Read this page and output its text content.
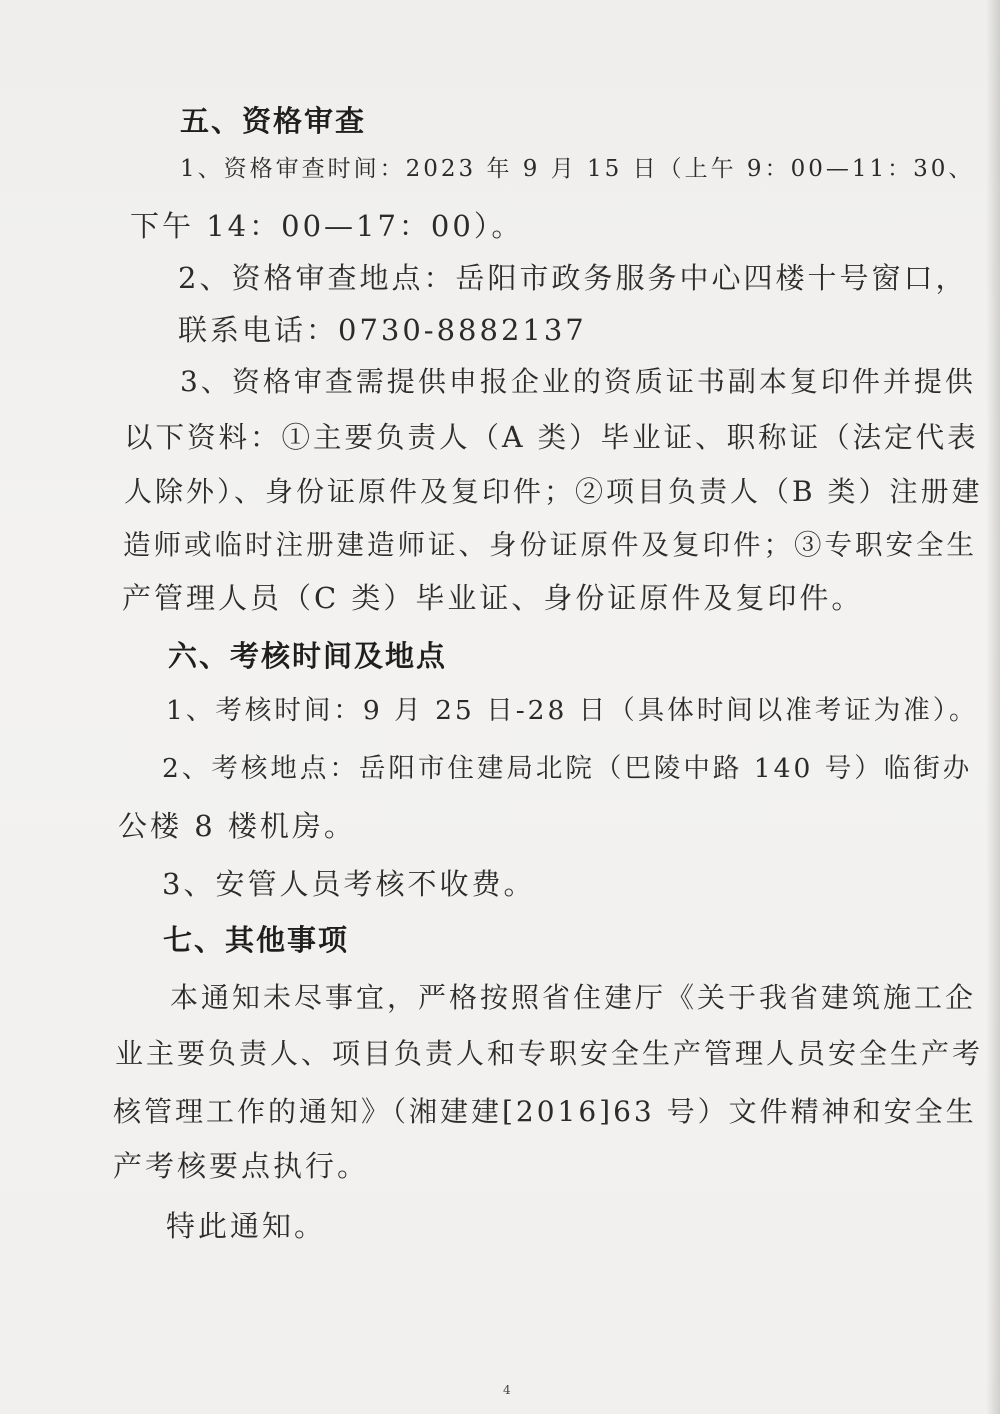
五、资格审查
1、资格审查时间：2023 年 9 月 15 日（上午 9：00—11：30、
下午 14：00—17：00）。
2、资格审查地点：岳阳市政务服务中心四楼十号窗口，
联系电话：0730-8882137
3、资格审查需提供申报企业的资质证书副本复印件并提供
以下资料：①主要负责人（A 类）毕业证、职称证（法定代表
人除外）、身份证原件及复印件；②项目负责人（B 类）注册建
造师或临时注册建造师证、身份证原件及复印件；③专职安全生
产管理人员（C 类）毕业证、身份证原件及复印件。
六、考核时间及地点
1、考核时间：9 月 25 日-28 日（具体时间以准考证为准）。
2、考核地点：岳阳市住建局北院（巴陵中路 140 号）临街办
公楼 8 楼机房。
3、安管人员考核不收费。
七、其他事项
本通知未尽事宜，严格按照省住建厅《关于我省建筑施工企
业主要负责人、项目负责人和专职安全生产管理人员安全生产考
核管理工作的通知》（湘建建[2016]63 号）文件精神和安全生
产考核要点执行。
特此通知。
4
